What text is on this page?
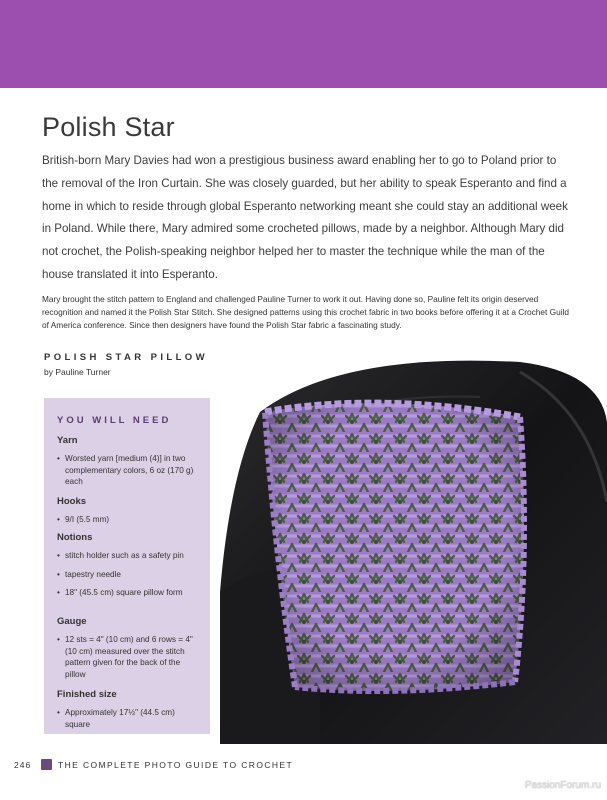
Polish Star

British-born Mary Davies had won a prestigious business award enabling her to go to Poland prior to the removal of the Iron Curtain. She was closely guarded, but her ability to speak Esperanto and find a home in which to reside through global Esperanto networking meant she could stay an additional week in Poland. While there, Mary admired some crocheted pillows, made by a neighbor. Although Mary did not crochet, the Polish-speaking neighbor helped her to master the technique while the man of the house translated it into Esperanto.

Mary brought the stitch pattern to England and challenged Pauline Turner to work it out. Having done so, Pauline felt its origin deserved recognition and named it the Polish Star Stitch. She designed patterns using this crochet fabric in two books before offering it at a Crochet Guild of America conference. Since then designers have found the Polish Star fabric a fascinating study.

POLISH STAR PILLOW
by Pauline Turner
YOU WILL NEED
Yarn
• Worsted yarn [medium (4)] in two complementary colors, 6 oz (170 g) each
Hooks
• 9/I (5.5 mm)
Notions
• stitch holder such as a safety pin
• tapestry needle
• 18" (45.5 cm) square pillow form
Gauge
• 12 sts = 4" (10 cm) and 6 rows = 4" (10 cm) measured over the stitch pattern given for the back of the pillow
Finished size
• Approximately 17½" (44.5 cm) square
246	THE COMPLETE PHOTO GUIDE TO CROCHET
PassionForum.ru
